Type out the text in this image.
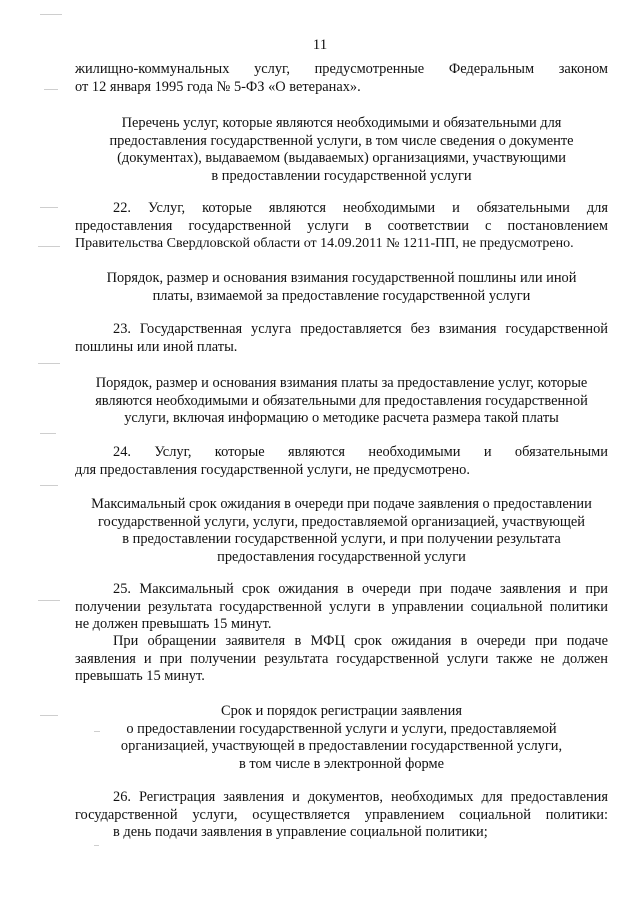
11
жилищно-коммунальных услуг, предусмотренные Федеральным законом
от 12 января 1995 года № 5-ФЗ «О ветеранах».
Перечень услуг, которые являются необходимыми и обязательными для
предоставления государственной услуги, в том числе сведения о документе
(документах), выдаваемом (выдаваемых) организациями, участвующими
в предоставлении государственной услуги
22. Услуг, которые являются необходимыми и обязательными для
предоставления государственной услуги в соответствии с постановлением
Правительства Свердловской области от 14.09.2011 № 1211-ПП, не предусмотрено.
Порядок, размер и основания взимания государственной пошлины или иной
платы, взимаемой за предоставление государственной услуги
23. Государственная услуга предоставляется без взимания государственной
пошлины или иной платы.
Порядок, размер и основания взимания платы за предоставление услуг, которые
являются необходимыми и обязательными для предоставления государственной
услуги, включая информацию о методике расчета размера такой платы
24. Услуг, которые являются необходимыми и обязательными
для предоставления государственной услуги, не предусмотрено.
Максимальный срок ожидания в очереди при подаче заявления о предоставлении
государственной услуги, услуги, предоставляемой организацией, участвующей
в предоставлении государственной услуги, и при получении результата
предоставления государственной услуги
25. Максимальный срок ожидания в очереди при подаче заявления и при
получении результата государственной услуги в управлении социальной политики
не должен превышать 15 минут.
При обращении заявителя в МФЦ срок ожидания в очереди при подаче
заявления и при получении результата государственной услуги также не должен
превышать 15 минут.
Срок и порядок регистрации заявления
о предоставлении государственной услуги и услуги, предоставляемой
организацией, участвующей в предоставлении государственной услуги,
в том числе в электронной форме
26. Регистрация заявления и документов, необходимых для предоставления
государственной услуги, осуществляется управлением социальной политики:
в день подачи заявления в управление социальной политики;
